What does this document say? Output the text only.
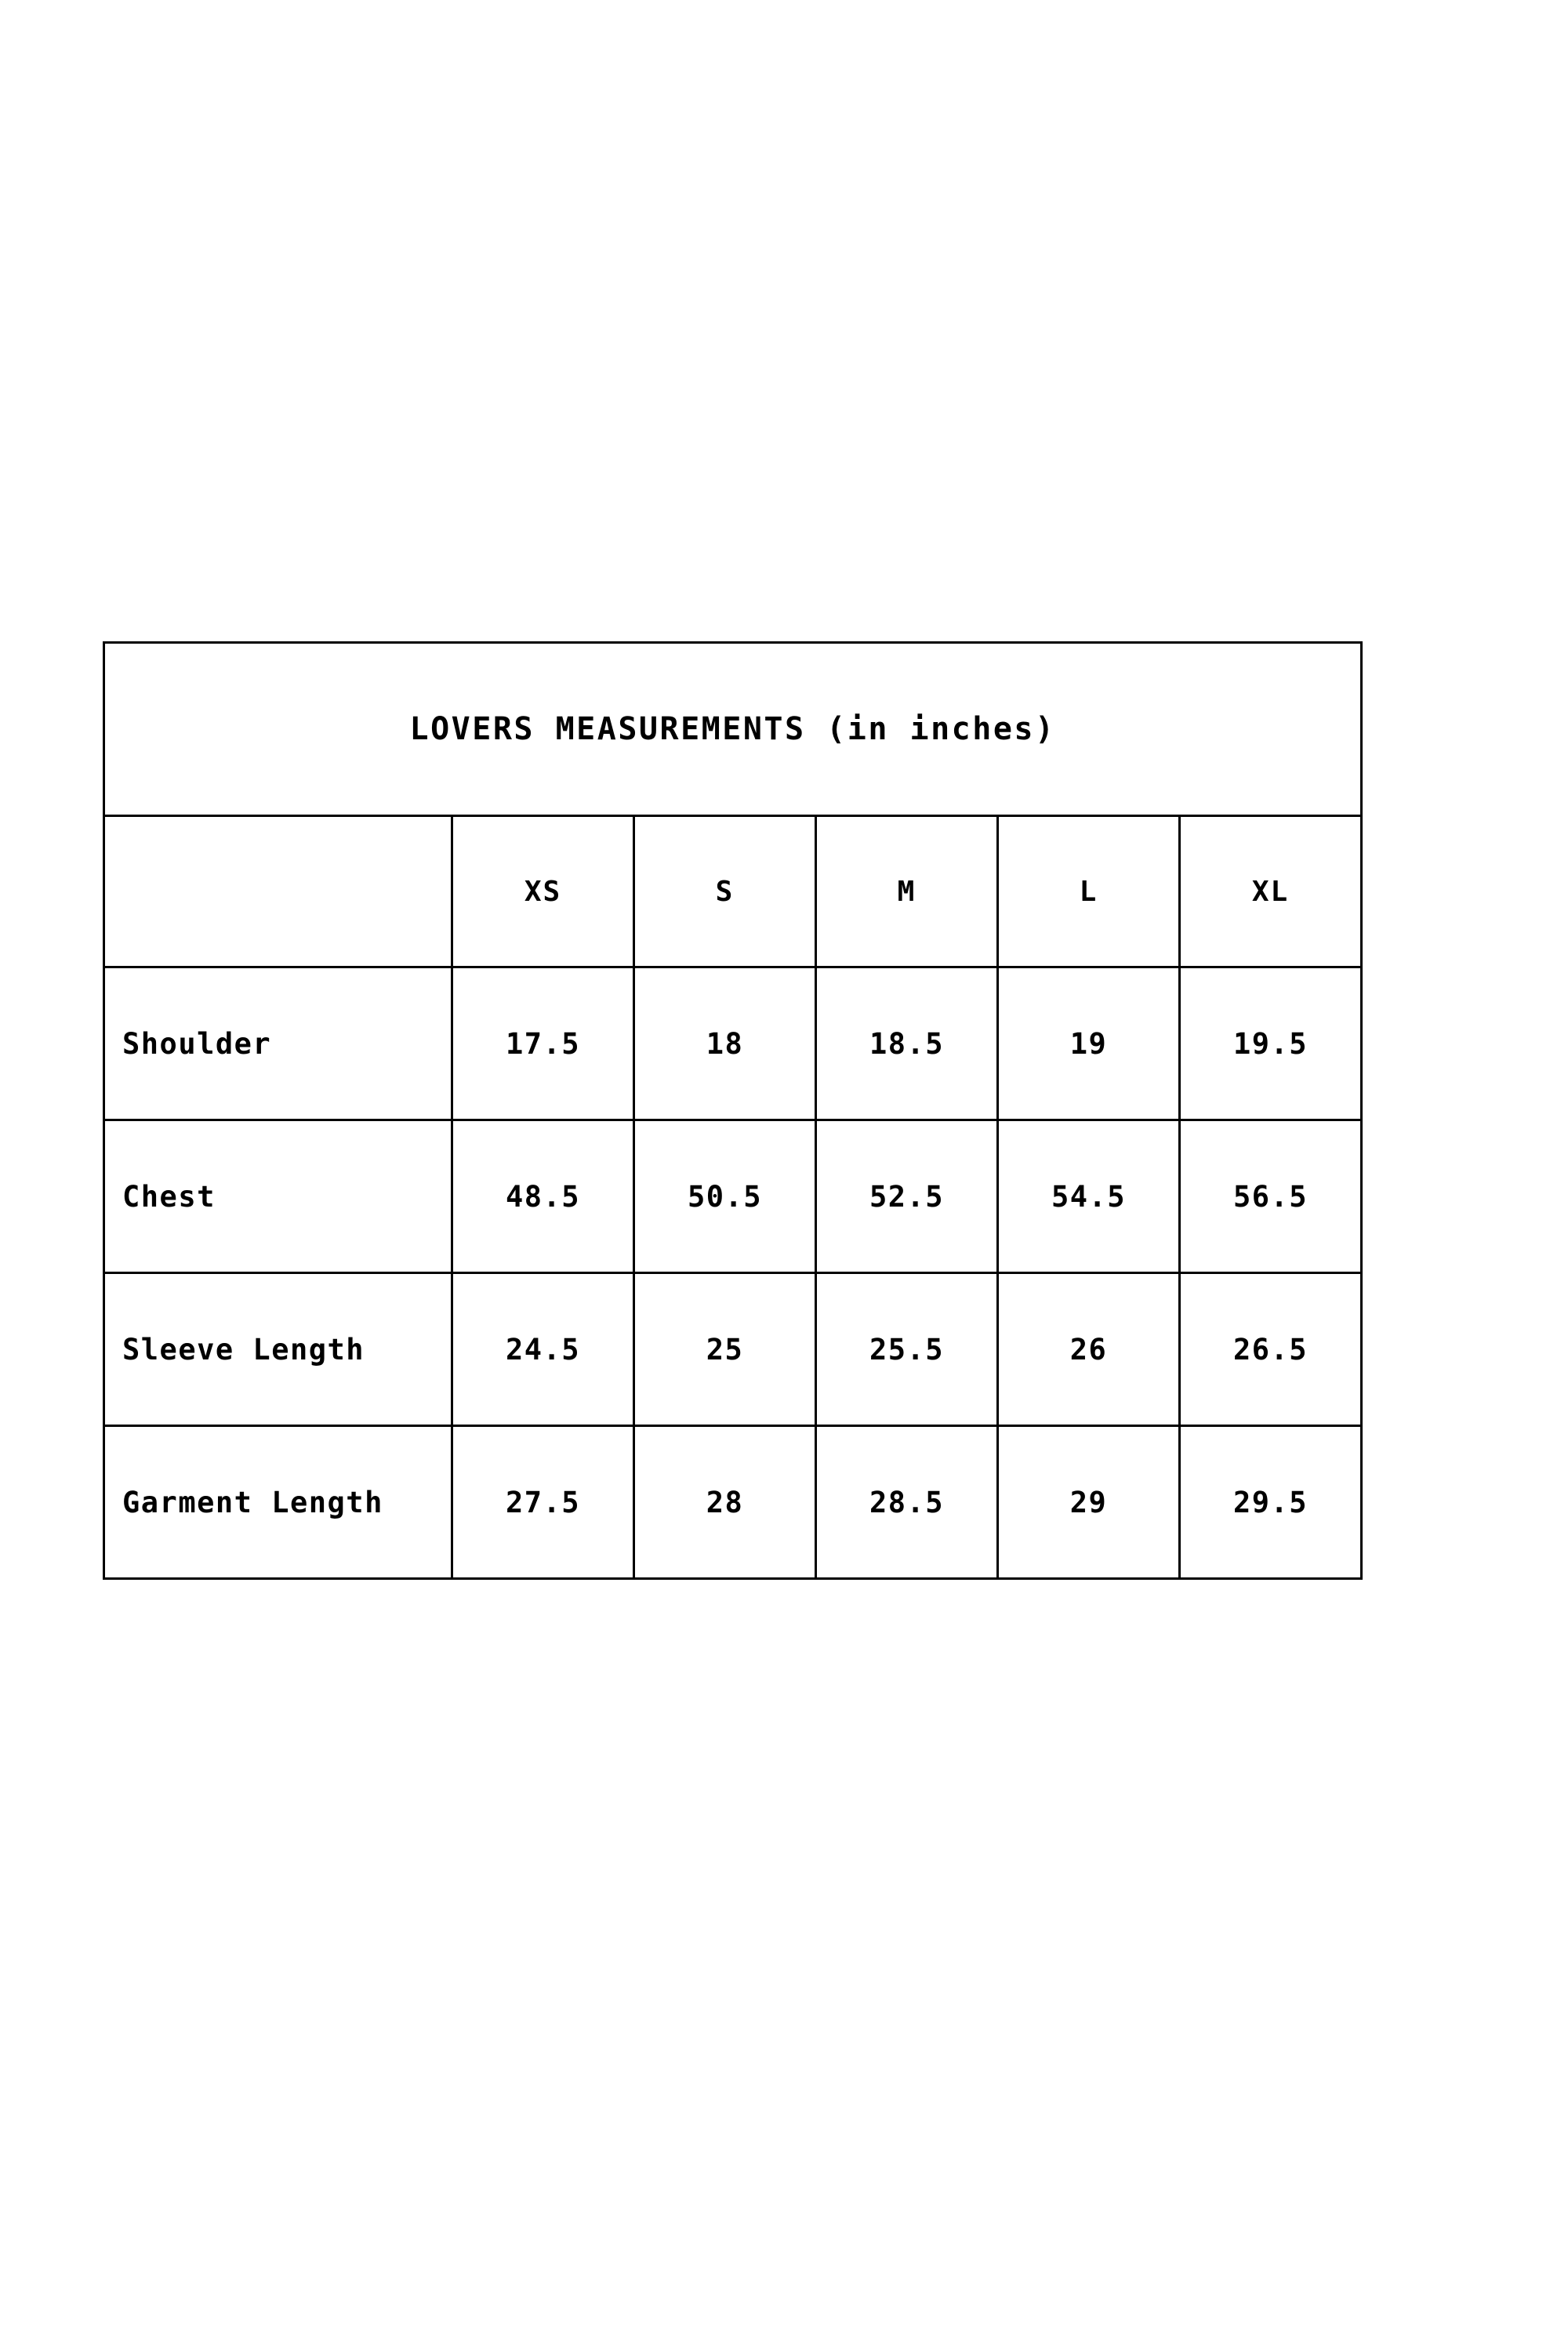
LOVERS MEASUREMENTS (in inches)					
	XS	S	M	L	XL
Shoulder	17.5	18	18.5	19	19.5
Chest	48.5	50.5	52.5	54.5	56.5
Sleeve Length	24.5	25	25.5	26	26.5
Garment Length	27.5	28	28.5	29	29.5
